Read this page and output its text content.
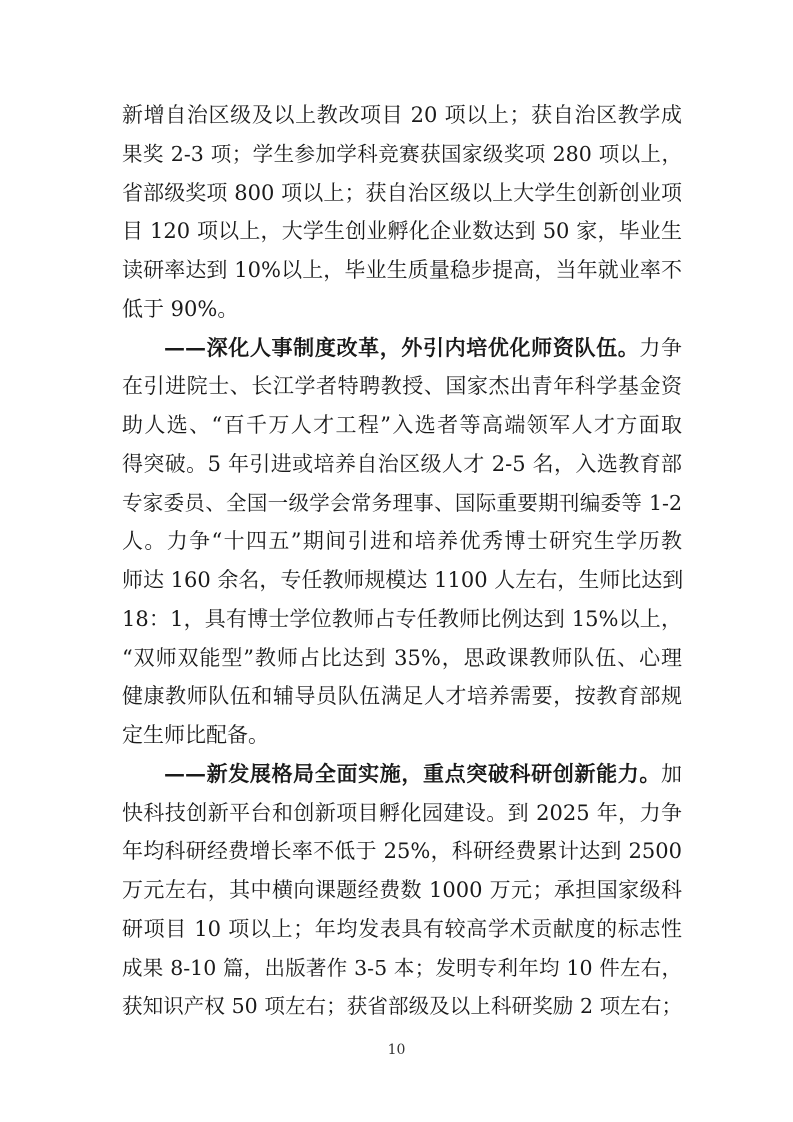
新增自治区级及以上教改项目 20 项以上；获自治区教学成
果奖 2-3 项；学生参加学科竞赛获国家级奖项 280 项以上，
省部级奖项 800 项以上；获自治区级以上大学生创新创业项
目 120 项以上，大学生创业孵化企业数达到 50 家，毕业生
读研率达到 10%以上，毕业生质量稳步提高，当年就业率不
低于 90%。
——深化人事制度改革，外引内培优化师资队伍。力争
在引进院士、长江学者特聘教授、国家杰出青年科学基金资
助人选、“百千万人才工程”入选者等高端领军人才方面取
得突破。5 年引进或培养自治区级人才 2-5 名，入选教育部
专家委员、全国一级学会常务理事、国际重要期刊编委等 1-2
人。力争“十四五”期间引进和培养优秀博士研究生学历教
师达 160 余名，专任教师规模达 1100 人左右，生师比达到
18：1，具有博士学位教师占专任教师比例达到 15%以上，
“双师双能型”教师占比达到 35%，思政课教师队伍、心理
健康教师队伍和辅导员队伍满足人才培养需要，按教育部规
定生师比配备。
——新发展格局全面实施，重点突破科研创新能力。加
快科技创新平台和创新项目孵化园建设。到 2025 年，力争
年均科研经费增长率不低于 25%，科研经费累计达到 2500
万元左右，其中横向课题经费数 1000 万元；承担国家级科
研项目 10 项以上；年均发表具有较高学术贡献度的标志性
成果 8-10 篇，出版著作 3-5 本；发明专利年均 10 件左右，
获知识产权 50 项左右；获省部级及以上科研奖励 2 项左右；
10
